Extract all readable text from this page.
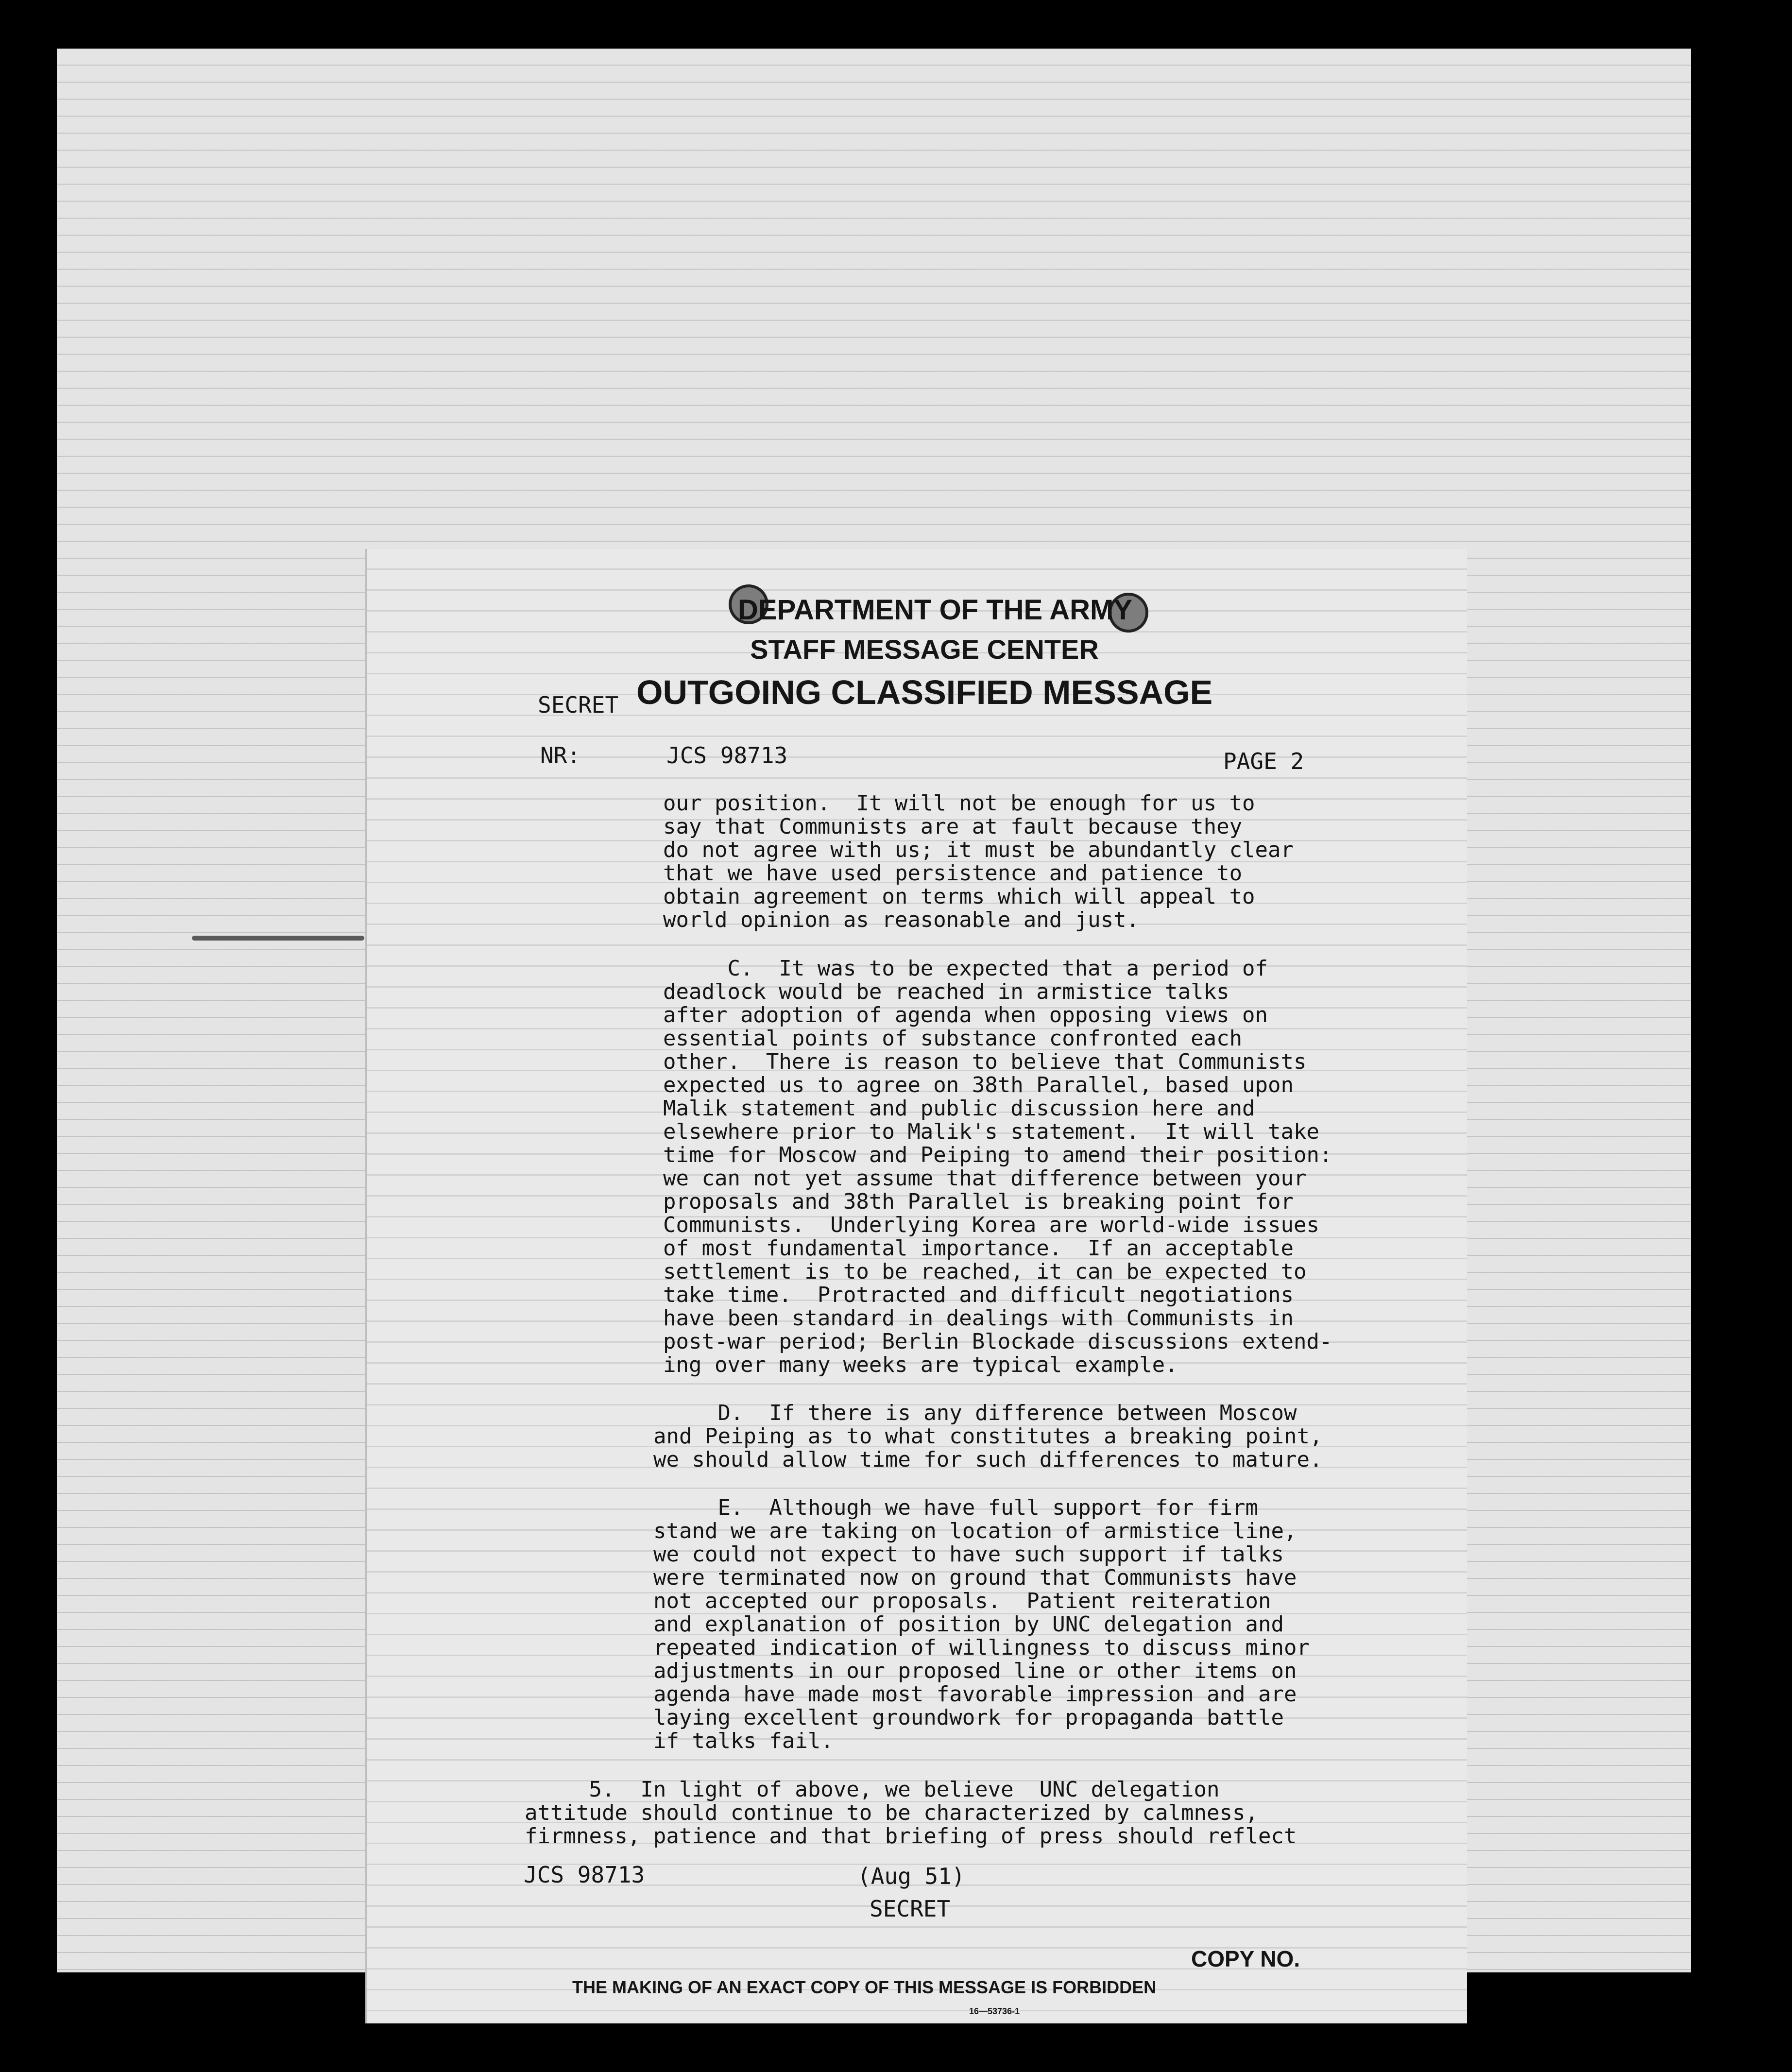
DEPARTMENT OF THE ARMY
STAFF MESSAGE CENTER
SECRET OUTGOING CLASSIFIED MESSAGE
NR:	JCS 98713	PAGE 2
our position.  It will not be enough for us to
say that Communists are at fault because they
do not agree with us; it must be abundantly clear
that we have used persistence and patience to
obtain agreement on terms which will appeal to
world opinion as reasonable and just.
C.  It was to be expected that a period of
deadlock would be reached in armistice talks
after adoption of agenda when opposing views on
essential points of substance confronted each
other.  There is reason to believe that Communists
expected us to agree on 38th Parallel, based upon
Malik statement and public discussion here and
elsewhere prior to Malik's statement.  It will take
time for Moscow and Peiping to amend their position:
we can not yet assume that difference between your
proposals and 38th Parallel is breaking point for
Communists.  Underlying Korea are world-wide issues
of most fundamental importance.  If an acceptable
settlement is to be reached, it can be expected to
take time.  Protracted and difficult negotiations
have been standard in dealings with Communists in
post-war period; Berlin Blockade discussions extend-
ing over many weeks are typical example.
D.  If there is any difference between Moscow
and Peiping as to what constitutes a breaking point,
we should allow time for such differences to mature.
E.  Although we have full support for firm
stand we are taking on location of armistice line,
we could not expect to have such support if talks
were terminated now on ground that Communists have
not accepted our proposals.  Patient reiteration
and explanation of position by UNC delegation and
repeated indication of willingness to discuss minor
adjustments in our proposed line or other items on
agenda have made most favorable impression and are
laying excellent groundwork for propaganda battle
if talks fail.
5.  In light of above, we believe  UNC delegation
attitude should continue to be characterized by calmness,
firmness, patience and that briefing of press should reflect
JCS 98713	(Aug 51)
SECRET
COPY NO.
THE MAKING OF AN EXACT COPY OF THIS MESSAGE IS FORBIDDEN
16—53736-1
